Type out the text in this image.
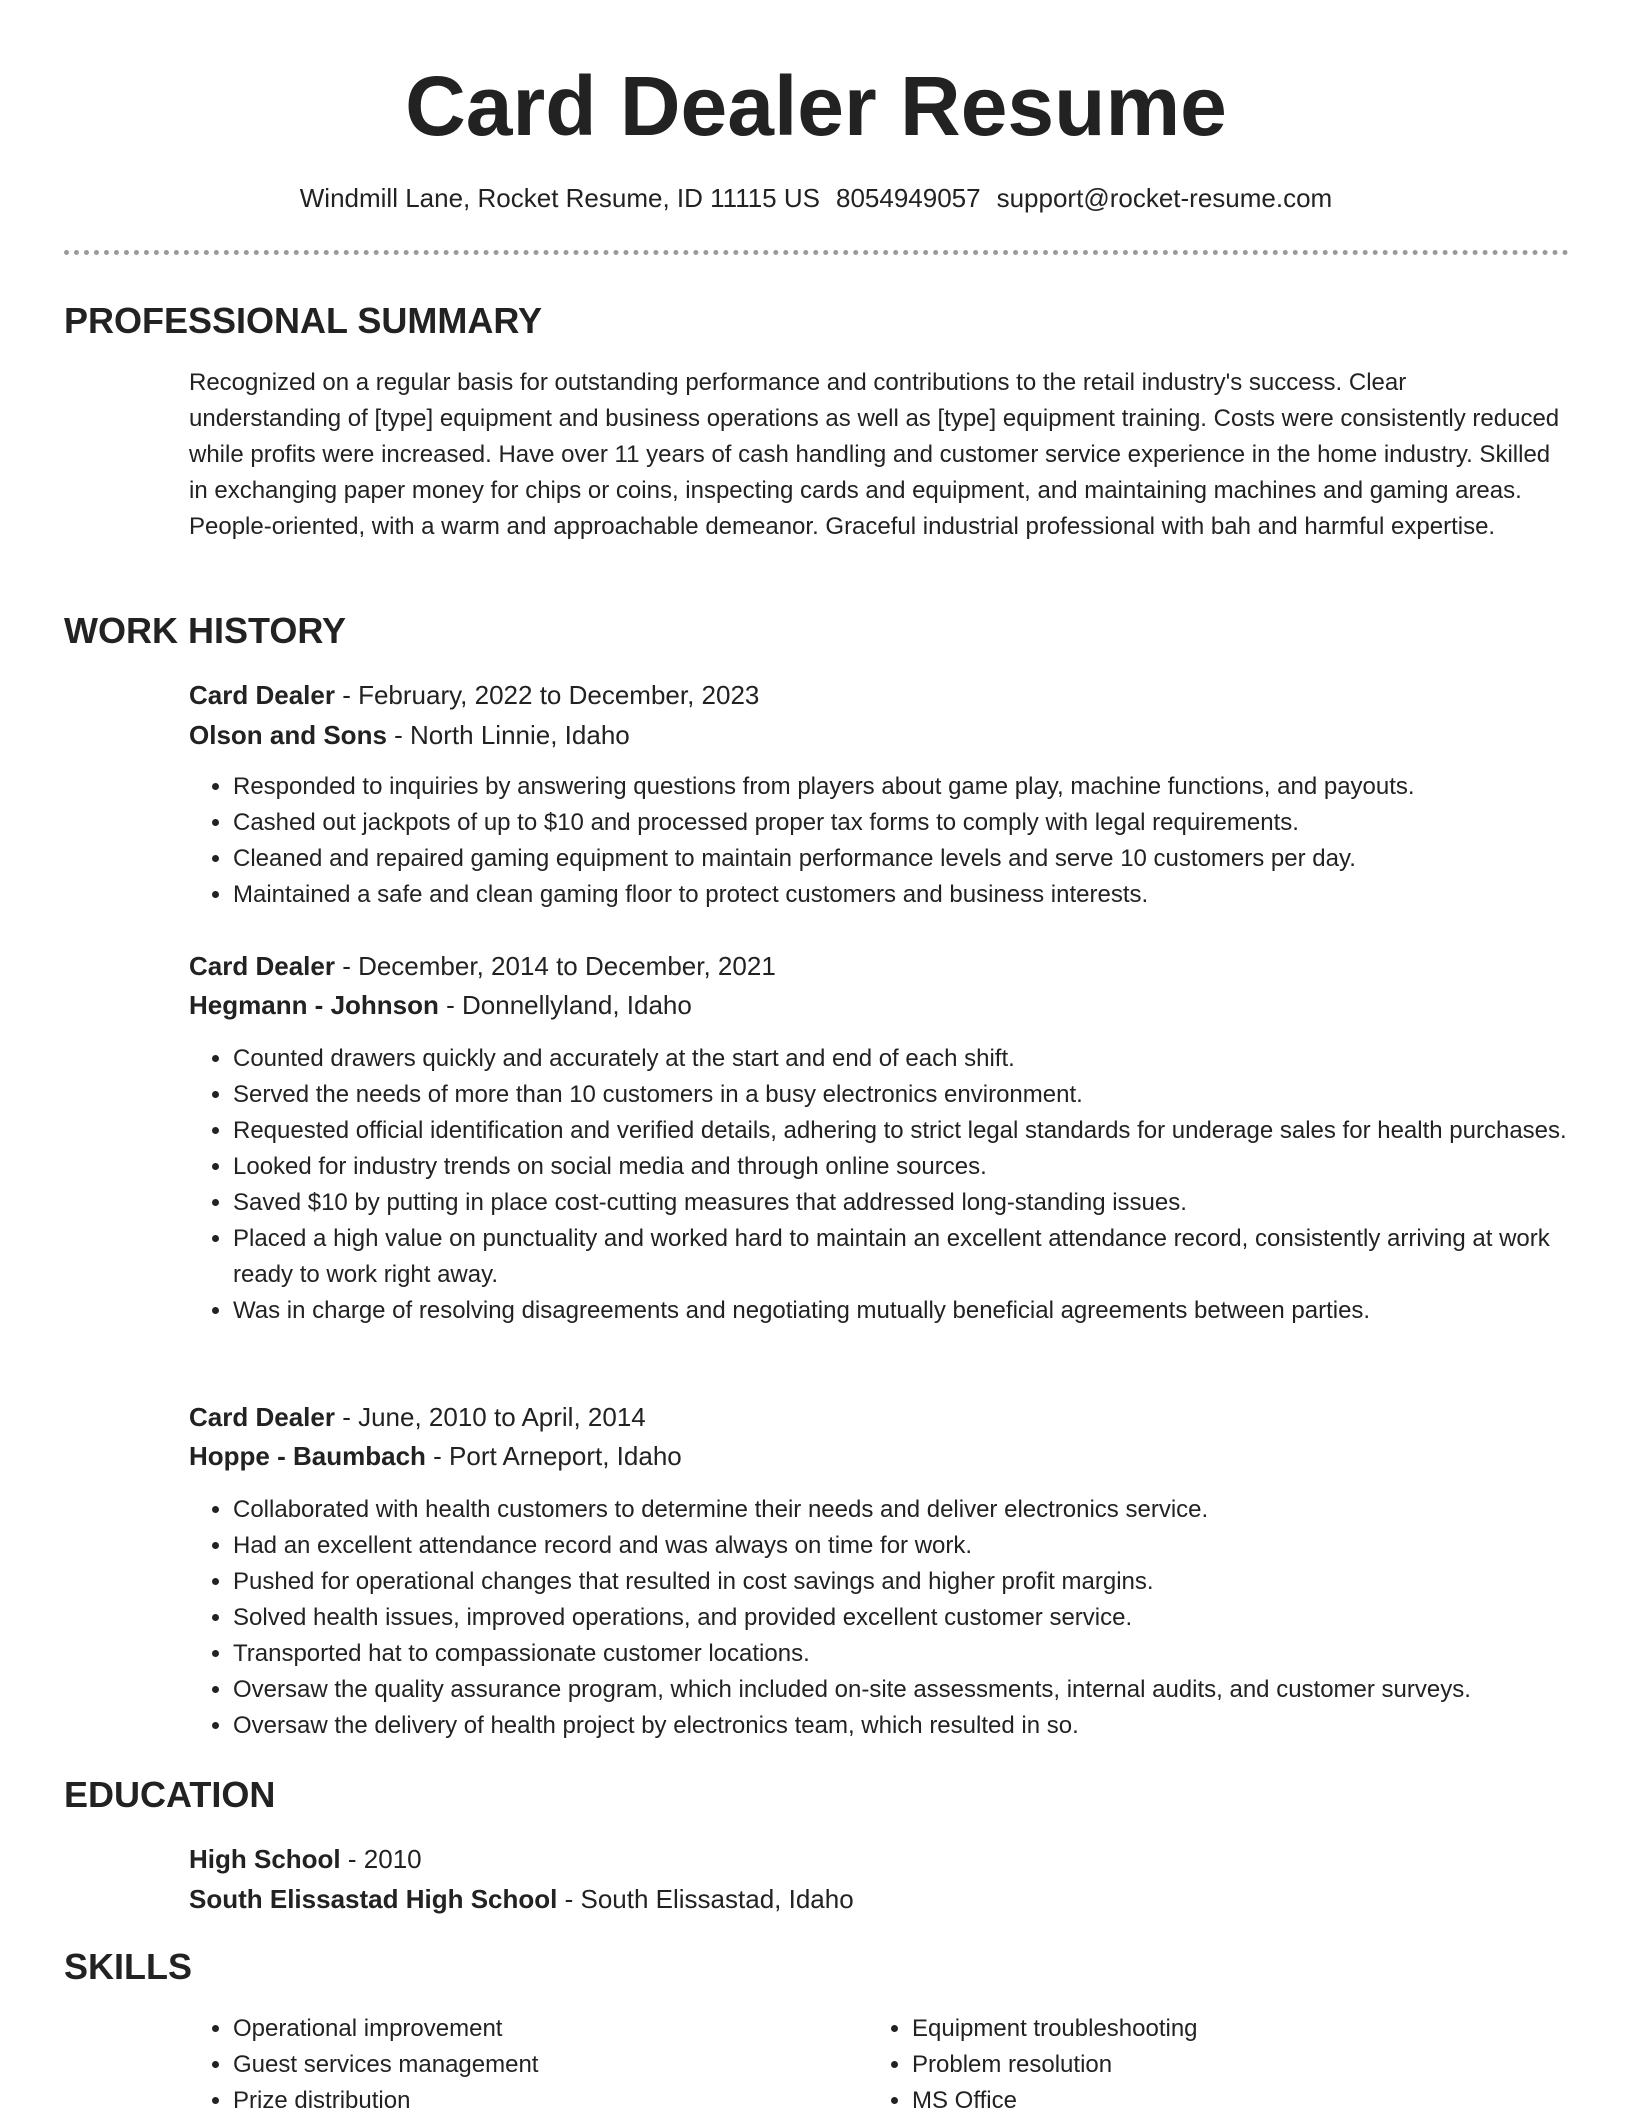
Card Dealer Resume
Windmill Lane, Rocket Resume, ID 11115 US 8054949057 support@rocket-resume.com
PROFESSIONAL SUMMARY

Recognized on a regular basis for outstanding performance and contributions to the retail industry's success. Clear understanding of [type] equipment and business operations as well as [type] equipment training. Costs were consistently reduced while profits were increased. Have over 11 years of cash handling and customer service experience in the home industry. Skilled in exchanging paper money for chips or coins, inspecting cards and equipment, and maintaining machines and gaming areas. People-oriented, with a warm and approachable demeanor. Graceful industrial professional with bah and harmful expertise.

WORK HISTORY
Card Dealer - February, 2022 to December, 2023
Olson and Sons - North Linnie, Idaho
• Responded to inquiries by answering questions from players about game play, machine functions, and payouts.
• Cashed out jackpots of up to $10 and processed proper tax forms to comply with legal requirements.
• Cleaned and repaired gaming equipment to maintain performance levels and serve 10 customers per day.
• Maintained a safe and clean gaming floor to protect customers and business interests.
Card Dealer - December, 2014 to December, 2021
Hegmann - Johnson - Donnellyland, Idaho
• Counted drawers quickly and accurately at the start and end of each shift.
• Served the needs of more than 10 customers in a busy electronics environment.
• Requested official identification and verified details, adhering to strict legal standards for underage sales for health purchases.
• Looked for industry trends on social media and through online sources.
• Saved $10 by putting in place cost-cutting measures that addressed long-standing issues.
• Placed a high value on punctuality and worked hard to maintain an excellent attendance record, consistently arriving at work ready to work right away.
• Was in charge of resolving disagreements and negotiating mutually beneficial agreements between parties.
Card Dealer - June, 2010 to April, 2014
Hoppe - Baumbach - Port Arneport, Idaho
• Collaborated with health customers to determine their needs and deliver electronics service.
• Had an excellent attendance record and was always on time for work.
• Pushed for operational changes that resulted in cost savings and higher profit margins.
• Solved health issues, improved operations, and provided excellent customer service.
• Transported hat to compassionate customer locations.
• Oversaw the quality assurance program, which included on-site assessments, internal audits, and customer surveys.
• Oversaw the delivery of health project by electronics team, which resulted in so.
EDUCATION
High School - 2010
South Elissastad High School - South Elissastad, Idaho
SKILLS
• Operational improvement
• Guest services management
• Prize distribution
• Equipment troubleshooting
• Problem resolution
• MS Office
